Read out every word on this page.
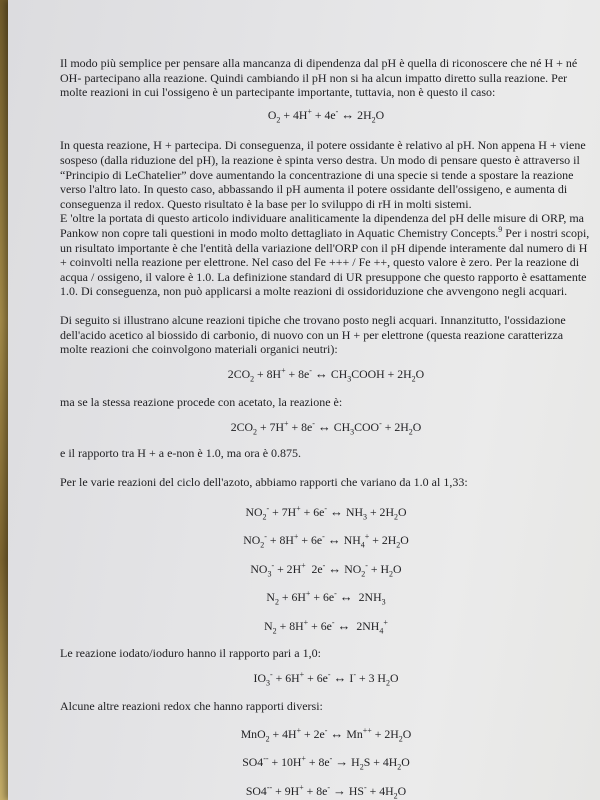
Il modo più semplice per pensare alla mancanza di dipendenza dal pH è quella di riconoscere che né H + né OH- partecipano alla reazione. Quindi cambiando il pH non si ha alcun impatto diretto sulla reazione. Per molte reazioni in cui l'ossigeno è un partecipante importante, tuttavia, non è questo il caso:

$O_2 + 4H^+ + 4e^-$ ↔ $2H_2O$

In questa reazione, H + partecipa. Di conseguenza, il potere ossidante è relativo al pH. Non appena H + viene sospeso (dalla riduzione del pH), la reazione è spinta verso destra. Un modo di pensare questo è attraverso il “Principio di LeChatelier” dove aumentando la concentrazione di una specie si tende a spostare la reazione verso l'altro lato. In questo caso, abbassando il pH aumenta il potere ossidante dell'ossigeno, e aumenta di conseguenza il redox. Questo risultato è la base per lo sviluppo di rH in molti sistemi.

E 'oltre la portata di questo articolo individuare analiticamente la dipendenza del pH delle misure di ORP, ma Pankow non copre tali questioni in modo molto dettagliato in Aquatic Chemistry Concepts.$^9$ Per i nostri scopi, un risultato importante è che l'entità della variazione dell'ORP con il pH dipende interamente dal numero di H + coinvolti nella reazione per elettrone. Nel caso del Fe +++ / Fe ++, questo valore è zero. Per la reazione di acqua / ossigeno, il valore è 1.0. La definizione standard di UR presuppone che questo rapporto è esattamente 1.0. Di conseguenza, non può applicarsi a molte reazioni di ossidoriduzione che avvengono negli acquari.

Di seguito si illustrano alcune reazioni tipiche che trovano posto negli acquari. Innanzitutto, l'ossidazione dell'acido acetico al biossido di carbonio, di nuovo con un H + per elettrone (questa reazione caratterizza molte reazioni che coinvolgono materiali organici neutri):

$2CO_2 + 8H^+ + 8e^-$ ↔ $CH_3COOH + 2H_2O$

ma se la stessa reazione procede con acetato, la reazione è:

$2CO_2 + 7H^+ + 8e^-$ ↔ $CH_3COO^- + 2H_2O$

e il rapporto tra H + a e-non è 1.0, ma ora è 0.875.

Per le varie reazioni del ciclo dell'azoto, abbiamo rapporti che variano da 1.0 al 1,33:

$NO_2^- + 7H^+ + 6e^-$ ↔ $NH_3 + 2H_2O$
$NO_2^- + 8H^+ + 6e^-$ ↔ $NH_4^+ + 2H_2O$
$NO_3^- + 2H^+$  2e- ↔ $NO_2^- + H_2O$
$N_2 + 6H^+ + 6e^-$ ↔  $2NH_3$
$N_2 + 8H^+ + 6e^-$ ↔  $2NH_4^+$

Le reazione iodato/ioduro hanno il rapporto pari a 1,0:

$IO_3^- + 6H^+ + 6e^-$ ↔ I- + 3 $H_2O$

Alcune altre reazioni redox che hanno rapporti diversi:

MnO$_2$ + 4H+ + 2e- ↔ $Mn^{++} + 2H_2O$
$SO4^{--} + 10H^+ + 8e^- \to H_2S + 4H_2O$
$SO4^{--} + 9H^+ + 8e^- \to HS^- + 4H_2O$
